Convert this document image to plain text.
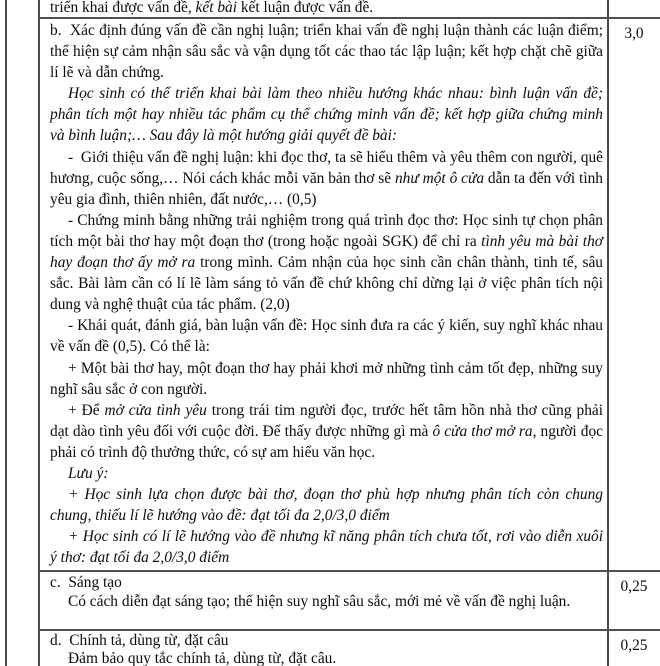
triển khai được vấn đề, kết bài kết luận được vấn đề.

b.  Xác định đúng vấn đề cần nghị luận; triển khai vấn đề nghị luận thành các luận điểm; thể hiện sự cảm nhận sâu sắc và vận dụng tốt các thao tác lập luận; kết hợp chặt chẽ giữa lí lẽ và dẫn chứng.

Học sinh có thể triển khai bài làm theo nhiều hướng khác nhau: bình luận vấn đề; phân tích một hay nhiều tác phẩm cụ thể chứng minh vấn đề; kết hợp giữa chứng minh và bình luận;… Sau đây là một hướng giải quyết đề bài:

-  Giới thiệu vấn đề nghị luận: khi đọc thơ, ta sẽ hiểu thêm và yêu thêm con người, quê hương, cuộc sống,… Nói cách khác mỗi văn bản thơ sẽ như một ô cửa dẫn ta đến với tình yêu gia đình, thiên nhiên, đất nước,… (0,5)

- Chứng minh bằng những trải nghiệm trong quá trình đọc thơ: Học sinh tự chọn phân tích một bài thơ hay một đoạn thơ (trong hoặc ngoài SGK) để chỉ ra tình yêu mà bài thơ hay đoạn thơ ấy mở ra trong mình. Cảm nhận của học sinh cần chân thành, tinh tế, sâu sắc. Bài làm cần có lí lẽ làm sáng tỏ vấn đề chứ không chỉ dừng lại ở việc phân tích nội dung và nghệ thuật của tác phẩm. (2,0)

- Khái quát, đánh giá, bàn luận vấn đề: Học sinh đưa ra các ý kiến, suy nghĩ khác nhau về vấn đề (0,5). Có thể là:

+ Một bài thơ hay, một đoạn thơ hay phải khơi mở những tình cảm tốt đẹp, những suy nghĩ sâu sắc ở con người.

+ Để mở cửa tình yêu trong trái tim người đọc, trước hết tâm hồn nhà thơ cũng phải dạt dào tình yêu đối với cuộc đời. Để thấy được những gì mà ô cửa thơ mở ra, người đọc phải có trình độ thưởng thức, có sự am hiểu văn học.

Lưu ý:

+ Học sinh lựa chọn được bài thơ, đoạn thơ phù hợp nhưng phân tích còn chung chung, thiếu lí lẽ hướng vào đề: đạt tối đa 2,0/3,0 điểm

+ Học sinh có lí lẽ hướng vào đề nhưng kĩ năng phân tích chưa tốt, rơi vào diễn xuôi ý thơ: đạt tối đa 2,0/3,0 điểm

3,0

c.  Sáng tạo

Có cách diễn đạt sáng tạo; thể hiện suy nghĩ sâu sắc, mới mẻ về vấn đề nghị luận.

0,25

d.  Chính tả, dùng từ, đặt câu

Đảm bảo quy tắc chính tả, dùng từ, đặt câu.

0,25
